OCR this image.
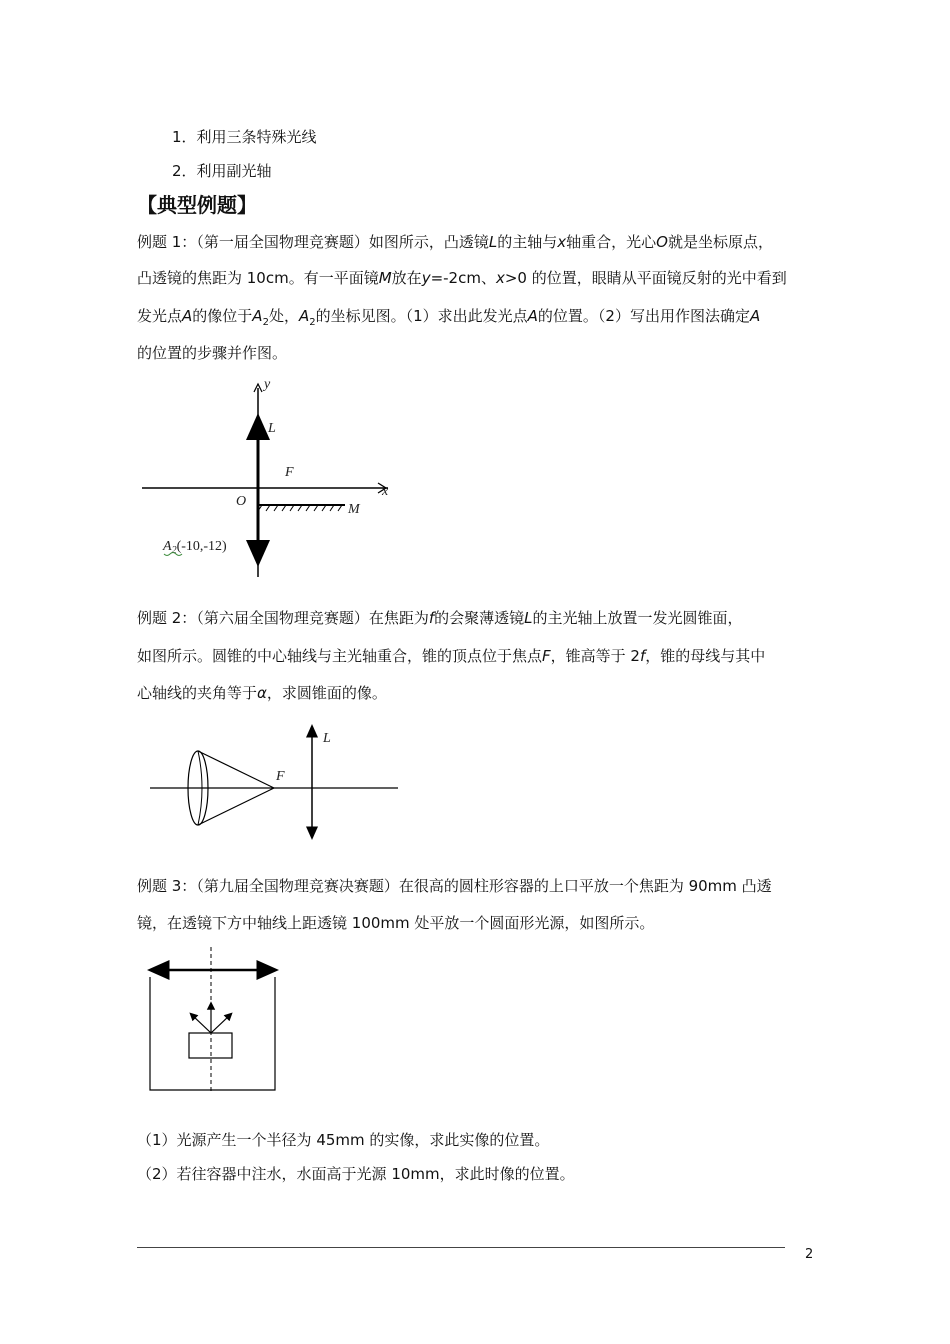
1．利用三条特殊光线
2．利用副光轴
【典型例题】
例题 1：（第一届全国物理竞赛题）如图所示，凸透镜L的主轴与x轴重合，光心O就是坐标原点，
凸透镜的焦距为 10cm。有一平面镜M放在y=-2cm、x>0 的位置，眼睛从平面镜反射的光中看到
发光点A的像位于$A_2$处，$A_2$的坐标见图。（1）求出此发光点A的位置。（2）写出用作图法确定A
的位置的步骤并作图。
y
x
L
F
O
M
$A_2(-10,-12)$
例题 2：（第六届全国物理竞赛题）在焦距为f的会聚薄透镜L的主光轴上放置一发光圆锥面，
如图所示。圆锥的中心轴线与主光轴重合，锥的顶点位于焦点F，锥高等于 2f，锥的母线与其中
心轴线的夹角等于α，求圆锥面的像。
F
L
例题 3：（第九届全国物理竞赛决赛题）在很高的圆柱形容器的上口平放一个焦距为 90mm 凸透
镜，在透镜下方中轴线上距透镜 100mm 处平放一个圆面形光源，如图所示。
（1）光源产生一个半径为 45mm 的实像，求此实像的位置。
（2）若往容器中注水，水面高于光源 10mm，求此时像的位置。
2
